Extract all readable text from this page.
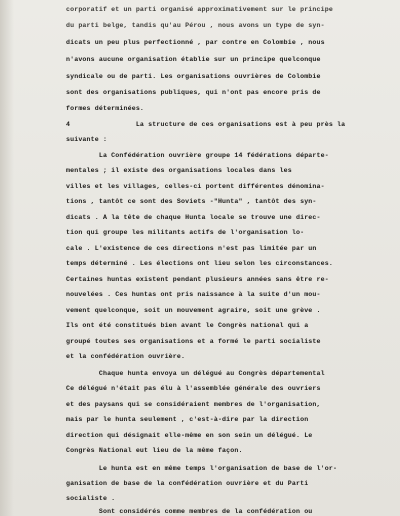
corporatif et un parti organisé approximativement sur le principe
du parti belge, tandis qu'au Pérou , nous avons un type de syn-
dicats un peu plus perfectionné , par contre en Colombie , nous
n'avons aucune organisation établie sur un principe quelconque
syndicale ou de parti. Les organisations ouvrières de Colombie
sont des organisations publiques, qui n'ont pas encore pris de
formes déterminées.
4                La structure de ces organisations est à peu près la
suivante :
La Confédération ouvrière groupe 14 fédérations départe-
mentales ; il existe des organisations locales dans les
villes et les villages, celles-ci portent différentes dénomina-
tions , tantôt ce sont des Soviets -"Hunta" , tantôt des syn-
dicats . A la tête de chaque Hunta locale se trouve une direc-
tion qui groupe les militants actifs de l'organisation lo-
cale . L'existence de ces directions n'est pas limitée par un
temps déterminé . Les élections ont lieu selon les circonstances.
Certaines huntas existent pendant plusieurs années sans être re-
nouvelées . Ces huntas ont pris naissance à la suite d'un mou-
vement quelconque, soit un mouvement agraire, soit une grève .
Ils ont été constitués bien avant le Congrès national qui a
groupé toutes ses organisations et a formé le parti socialiste
et la confédération ouvrière.
Chaque hunta envoya un délégué au Congrès départemental
Ce délégué n'était pas élu à l'assemblée générale des ouvriers
et des paysans qui se considéraient membres de l'organisation,
mais par le hunta seulement , c'est-à-dire par la direction
direction qui désignait elle-même en son sein un délégué. Le
Congrès National eut lieu de la même façon.
Le hunta est en même temps l'organisation de base de l'or-
ganisation de base de la confédération ouvrière et du Parti
socialiste .
Sont considérés comme membres de la confédération ou
